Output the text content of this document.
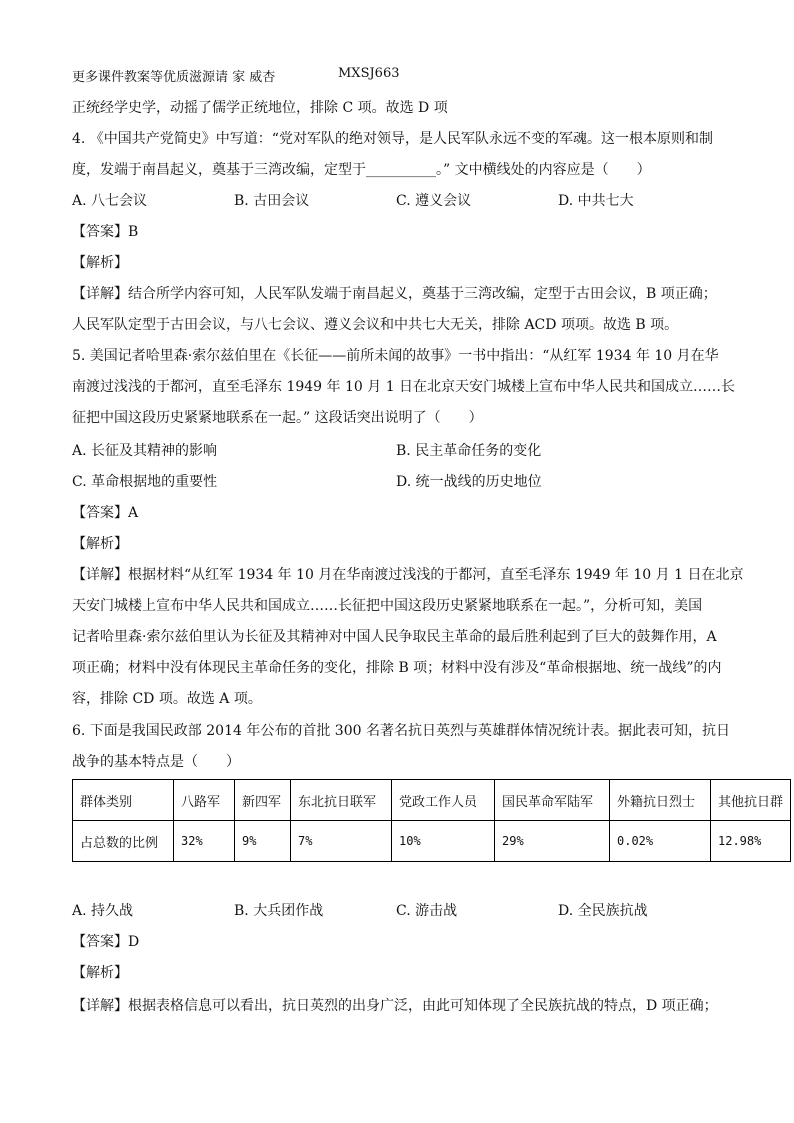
更多课件教案等优质滋源请 家 威杏	MXSJ663
正统经学史学，动摇了儒学正统地位，排除 C 项。故选 D 项
4. 《中国共产党简史》中写道：“党对军队的绝对领导，是人民军队永远不变的军魂。这一根本原则和制
度，发端于南昌起义，奠基于三湾改编，定型于__________。” 文中横线处的内容应是（　　）
A. 八七会议	B. 古田会议	C. 遵义会议	D. 中共七大
【答案】B
【解析】
【详解】结合所学内容可知，人民军队发端于南昌起义，奠基于三湾改编，定型于古田会议，B 项正确；
人民军队定型于古田会议，与八七会议、遵义会议和中共七大无关，排除 ACD 项项。故选 B 项。
5. 美国记者哈里森·索尔兹伯里在《长征——前所未闻的故事》一书中指出：“从红军 1934 年 10 月在华
南渡过浅浅的于都河，直至毛泽东 1949 年 10 月 1 日在北京天安门城楼上宣布中华人民共和国成立……长
征把中国这段历史紧紧地联系在一起。” 这段话突出说明了（　　）
A. 长征及其精神的影响	B. 民主革命任务的变化
C. 革命根据地的重要性	D. 统一战线的历史地位
【答案】A
【解析】
【详解】根据材料“从红军 1934 年 10 月在华南渡过浅浅的于都河，直至毛泽东 1949 年 10 月 1 日在北京
天安门城楼上宣布中华人民共和国成立……长征把中国这段历史紧紧地联系在一起。”，分析可知，美国
记者哈里森·索尔兹伯里认为长征及其精神对中国人民争取民主革命的最后胜利起到了巨大的鼓舞作用，A
项正确；材料中没有体现民主革命任务的变化，排除 B 项；材料中没有涉及“革命根据地、统一战线”的内
容，排除 CD 项。故选 A 项。
6. 下面是我国民政部 2014 年公布的首批 300 名著名抗日英烈与英雄群体情况统计表。据此表可知，抗日
战争的基本特点是（　　）
群体类别	八路军	新四军	东北抗日联军	党政工作人员	国民革命军陆军	外籍抗日烈士	其他抗日群
占总数的比例	32%	9%	7%	10%	29%	0.02%	12.98%
A. 持久战	B. 大兵团作战	C. 游击战	D. 全民族抗战
【答案】D
【解析】
【详解】根据表格信息可以看出，抗日英烈的出身广泛，由此可知体现了全民族抗战的特点，D 项正确；
